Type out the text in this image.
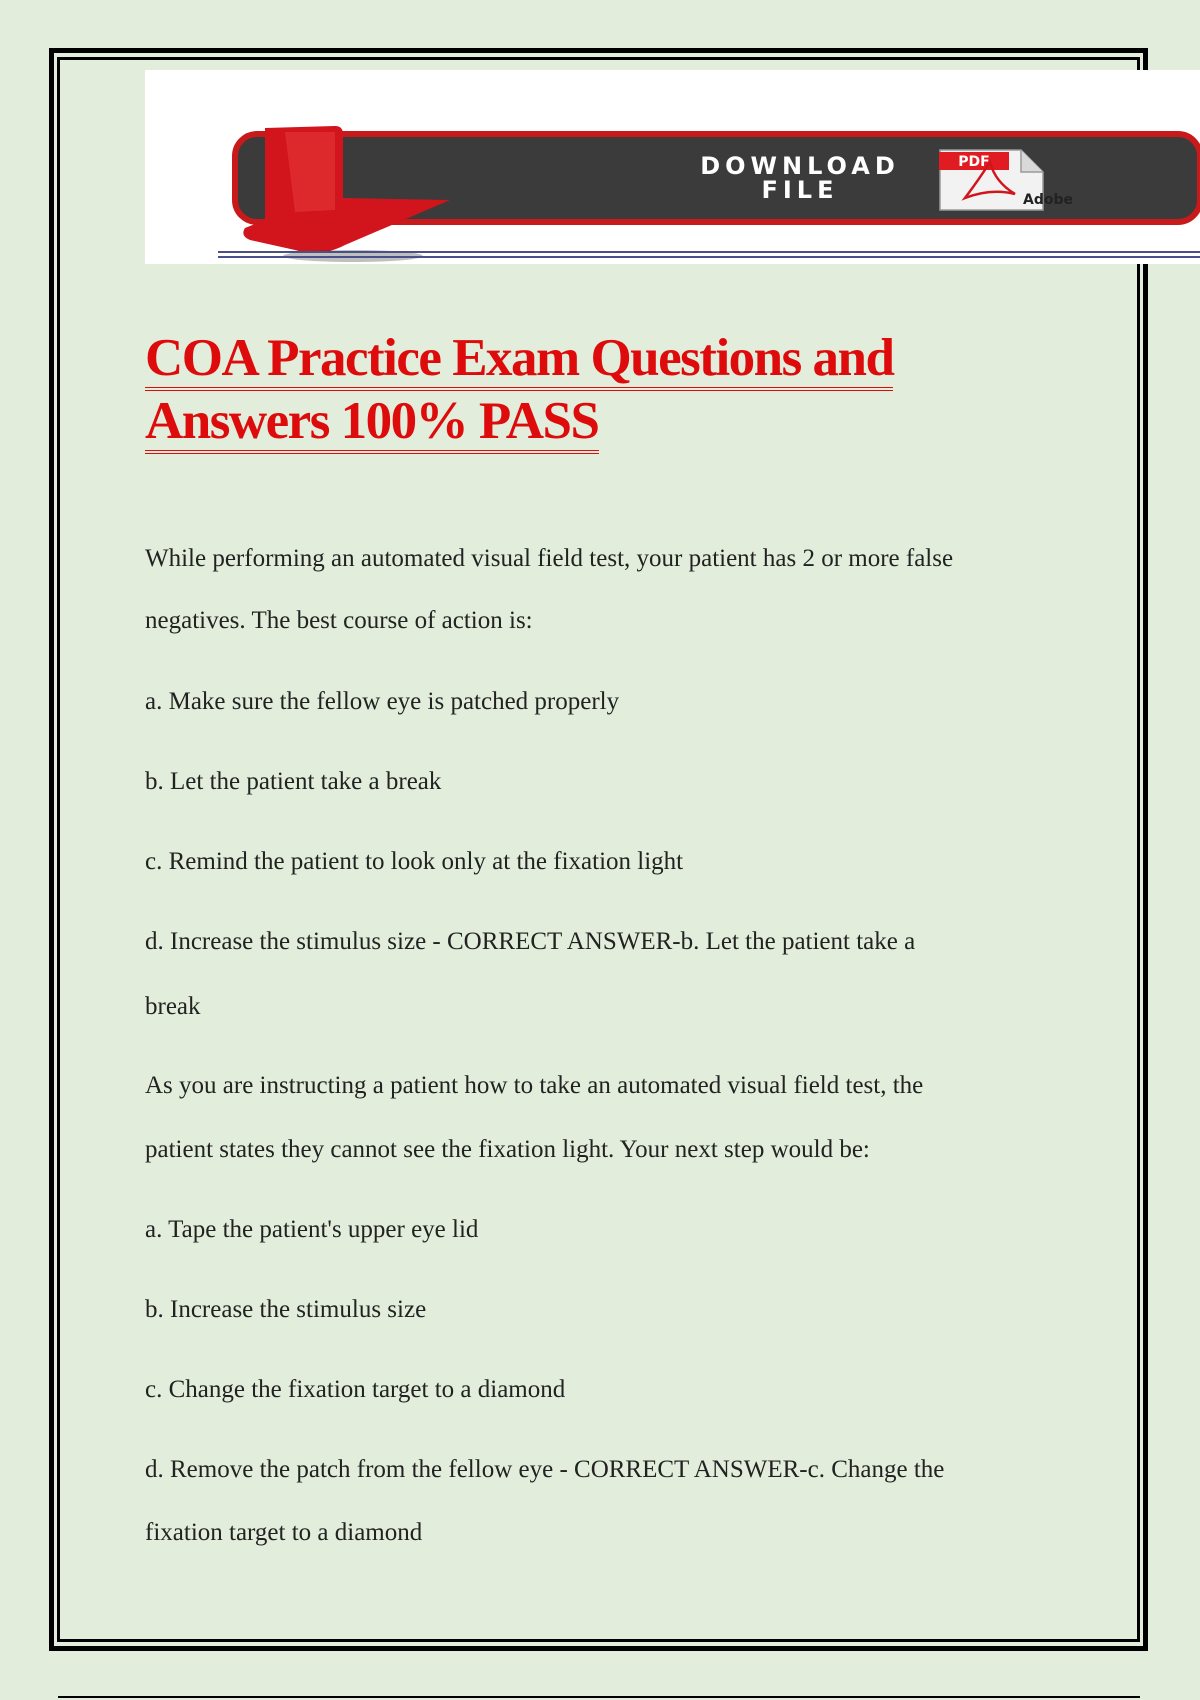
DOWNLOAD
FILE
PDF
Adobe
COA Practice Exam Questions and
Answers 100% PASS
While performing an automated visual field test, your patient has 2 or more false
negatives. The best course of action is:
a. Make sure the fellow eye is patched properly
b. Let the patient take a break
c. Remind the patient to look only at the fixation light
d. Increase the stimulus size - CORRECT ANSWER-b. Let the patient take a
break
As you are instructing a patient how to take an automated visual field test, the
patient states they cannot see the fixation light. Your next step would be:
a. Tape the patient's upper eye lid
b. Increase the stimulus size
c. Change the fixation target to a diamond
d. Remove the patch from the fellow eye - CORRECT ANSWER-c. Change the
fixation target to a diamond
